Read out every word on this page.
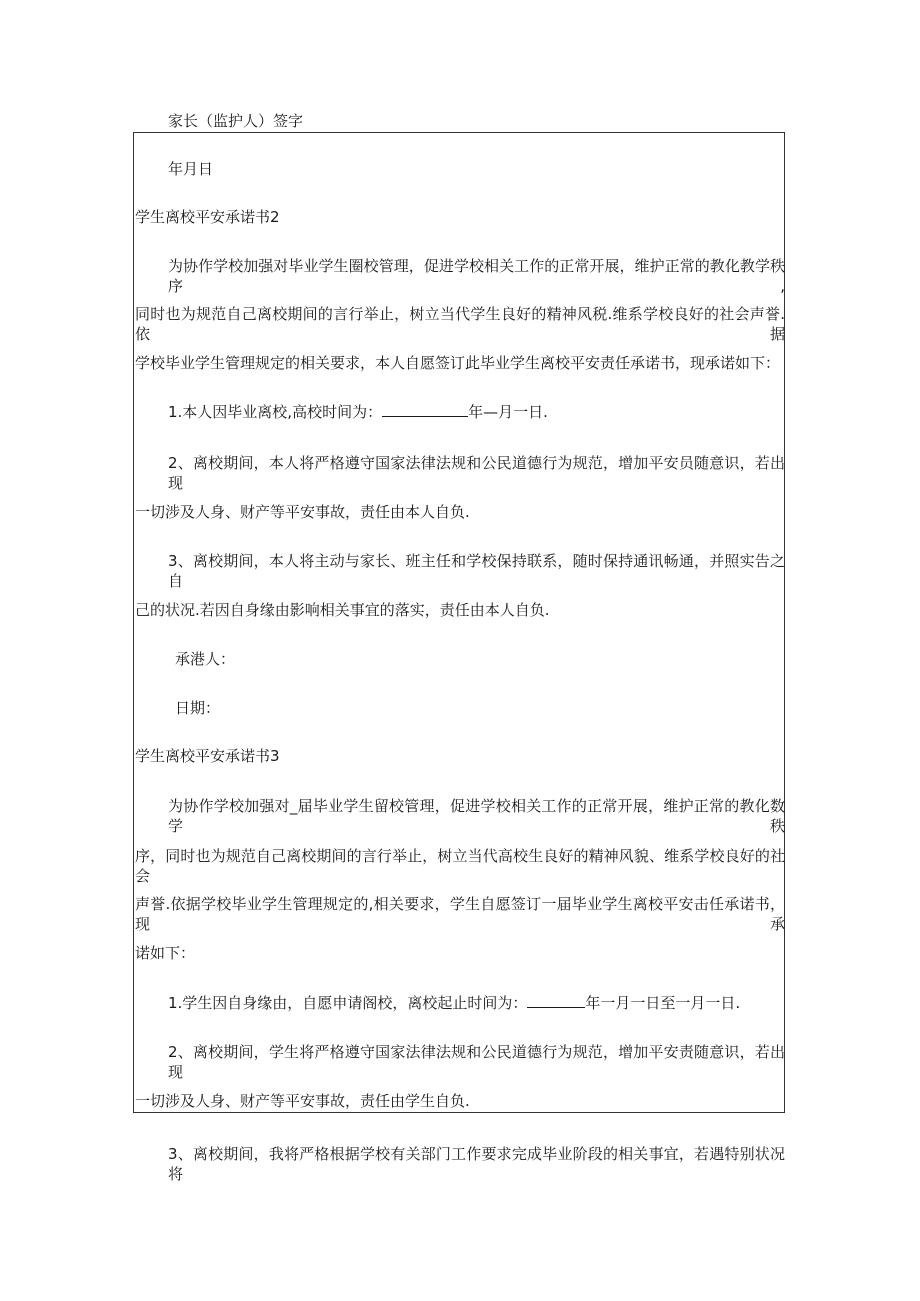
家长（监护人）签字
年月日
学生离校平安承诺书2
为协作学校加强对毕业学生圈校管理，促进学校相关工作的正常开展，维护正常的教化教学秩序,
同时也为规范自己离校期间的言行举止，树立当代学生良好的精神风税.维系学校良好的社会声誉.依据
学校毕业学生管理规定的相关要求，本人自愿签订此毕业学生离校平安责任承诺书，现承诺如下：
1.本人因毕业离校,高校时间为：	年—月一日.
2、离校期间，本人将严格遵守国家法律法规和公民道德行为规范，增加平安员随意识，若出现
一切涉及人身、财产等平安事故，责任由本人自负.
3、离校期间，本人将主动与家长、班主任和学校保持联系，随时保持通讯畅通，并照实告之自
己的状况.若因自身缘由影响相关事宜的落实，责任由本人自负.
承港人：
日期：
学生离校平安承诺书3
为协作学校加强对_届毕业学生留校管理，促进学校相关工作的正常开展，维护正常的教化数学秩
序，同时也为规范自己离校期间的言行举止，树立当代高校生良好的精神风貌、维系学校良好的社会
声誉.依据学校毕业学生管理规定的,相关要求，学生自愿签订一届毕业学生离校平安击任承诺书，现承
诺如下：
1.学生因自身缘由，自愿申请阁校，离校起止时间为：	年一月一日至一月一日.
2、离校期间，学生将严格遵守国家法律法规和公民道德行为规范，增加平安责随意识，若出现
一切涉及人身、财产等平安事故，责任由学生自负.
3、离校期间，我将严格根据学校有关部门工作要求完成毕业阶段的相关事宜，若遇特别状况将
